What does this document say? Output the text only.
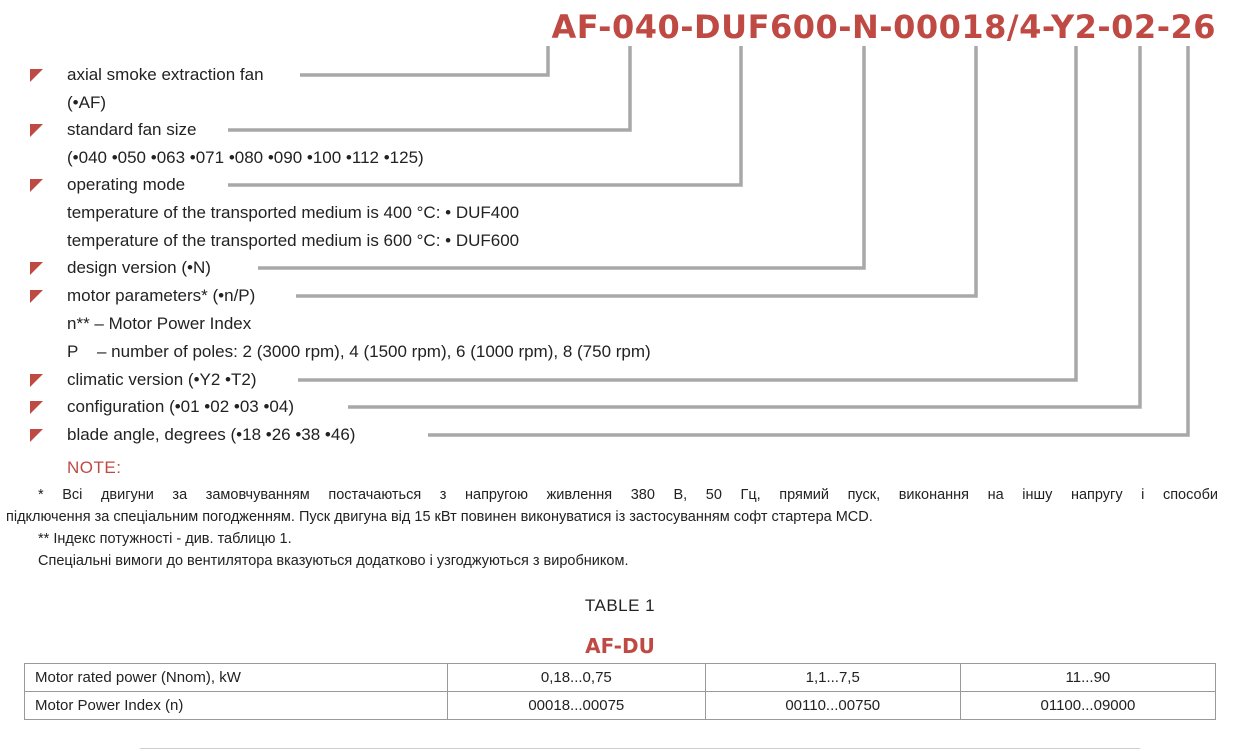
AF-040-DUF600-N-00018/4-Y2-02-26
axial smoke extraction fan
(•AF)
standard fan size
(•040 •050 •063 •071 •080 •090 •100 •112 •125)
operating mode
temperature of the transported medium is 400 °C: • DUF400
temperature of the transported medium is 600 °C: • DUF600
design version (•N)
motor parameters* (•n/P)
n** – Motor Power Index
P – number of poles: 2 (3000 rpm), 4 (1500 rpm), 6 (1000 rpm), 8 (750 rpm)
climatic version (•Y2 •T2)
configuration (•01 •02 •03 •04)
blade angle, degrees (•18 •26 •38 •46)
NOTE:
* Всі двигуни за замовчуванням постачаються з напругою живлення 380 В, 50 Гц, прямий пуск, виконання на іншу напругу і способи
підключення за спеціальним погодженням. Пуск двигуна від 15 кВт повинен виконуватися із застосуванням софт стартера MCD.
** Індекс потужності - див. таблицю 1.
Спеціальні вимоги до вентилятора вказуються додатково і узгоджуються з виробником.
TABLE 1
AF-DU
Motor rated power (Nnom), kW	0,18...0,75	1,1...7,5	11...90
Motor Power Index (n)	00018...00075	00110...00750	01100...09000
